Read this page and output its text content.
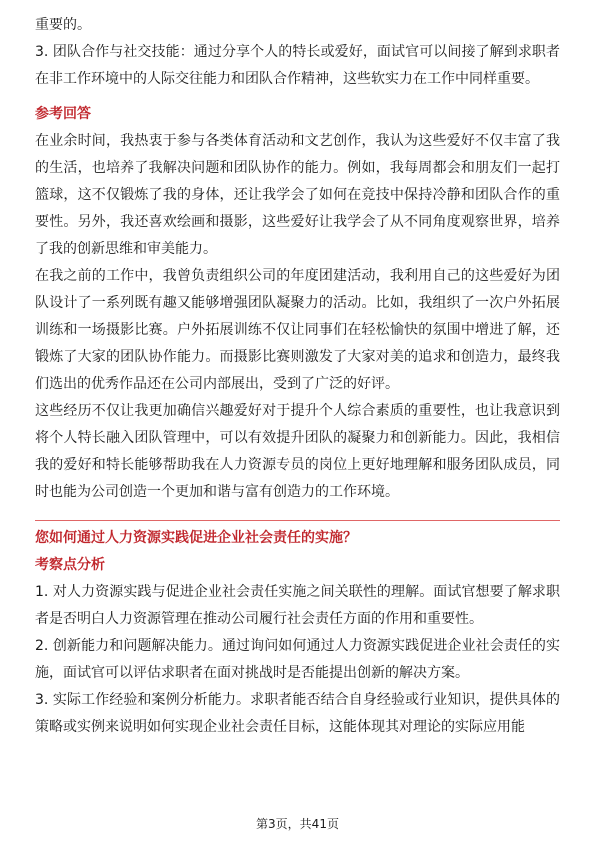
重要的。

3. 团队合作与社交技能：通过分享个人的特长或爱好，面试官可以间接了解到求职者在非工作环境中的人际交往能力和团队合作精神，这些软实力在工作中同样重要。

参考回答

在业余时间，我热衷于参与各类体育活动和文艺创作，我认为这些爱好不仅丰富了我的生活，也培养了我解决问题和团队协作的能力。例如，我每周都会和朋友们一起打篮球，这不仅锻炼了我的身体，还让我学会了如何在竞技中保持冷静和团队合作的重要性。另外，我还喜欢绘画和摄影，这些爱好让我学会了从不同角度观察世界，培养了我的创新思维和审美能力。

在我之前的工作中，我曾负责组织公司的年度团建活动，我利用自己的这些爱好为团队设计了一系列既有趣又能够增强团队凝聚力的活动。比如，我组织了一次户外拓展训练和一场摄影比赛。户外拓展训练不仅让同事们在轻松愉快的氛围中增进了解，还锻炼了大家的团队协作能力。而摄影比赛则激发了大家对美的追求和创造力，最终我们选出的优秀作品还在公司内部展出，受到了广泛的好评。

这些经历不仅让我更加确信兴趣爱好对于提升个人综合素质的重要性，也让我意识到将个人特长融入团队管理中，可以有效提升团队的凝聚力和创新能力。因此，我相信我的爱好和特长能够帮助我在人力资源专员的岗位上更好地理解和服务团队成员，同时也能为公司创造一个更加和谐与富有创造力的工作环境。

您如何通过人力资源实践促进企业社会责任的实施？

考察点分析

1. 对人力资源实践与促进企业社会责任实施之间关联性的理解。面试官想要了解求职者是否明白人力资源管理在推动公司履行社会责任方面的作用和重要性。

2. 创新能力和问题解决能力。通过询问如何通过人力资源实践促进企业社会责任的实施，面试官可以评估求职者在面对挑战时是否能提出创新的解决方案。

3. 实际工作经验和案例分析能力。求职者能否结合自身经验或行业知识，提供具体的策略或实例来说明如何实现企业社会责任目标，这能体现其对理论的实际应用能

第3页，共41页
